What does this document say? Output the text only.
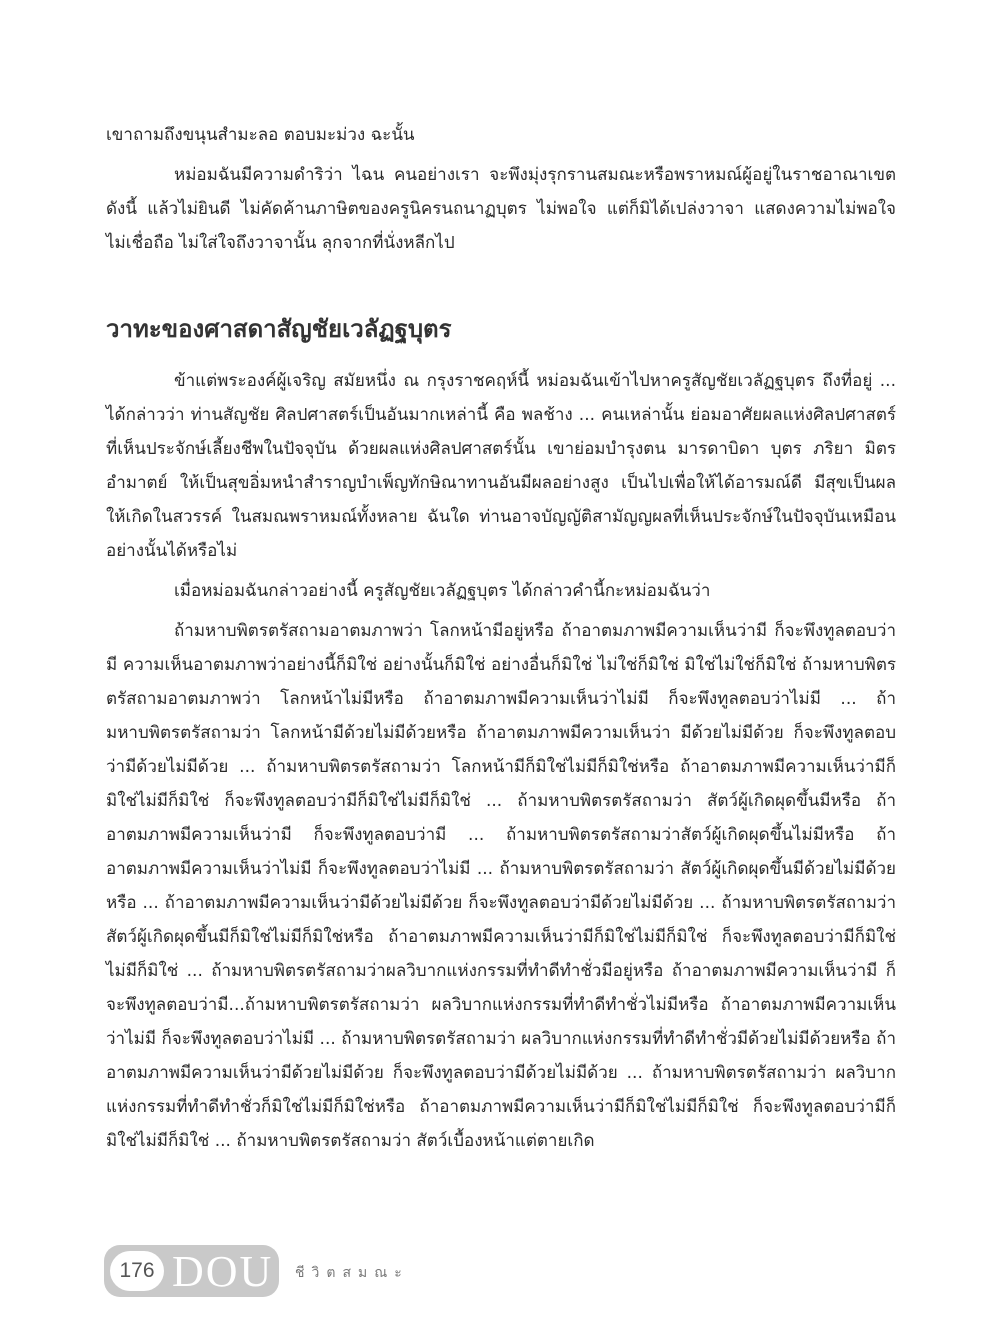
เขาถามถึงขนุนสำมะลอ ตอบมะม่วง ฉะนั้น

หม่อมฉันมีความดำริว่า ไฉน คนอย่างเรา จะพึงมุ่งรุกรานสมณะหรือพราหมณ์ผู้อยู่ในราชอาณาเขต ดังนี้ แล้วไม่ยินดี ไม่คัดค้านภาษิตของครูนิครนถนาฏบุตร ไม่พอใจ แต่ก็มิได้เปล่งวาจา แสดงความไม่พอใจ ไม่เชื่อถือ ไม่ใส่ใจถึงวาจานั้น ลุกจากที่นั่งหลีกไป

วาทะของศาสดาสัญชัยเวลัฏฐบุตร

ข้าแต่พระองค์ผู้เจริญ สมัยหนึ่ง ณ กรุงราชคฤห์นี้ หม่อมฉันเข้าไปหาครูสัญชัยเวลัฏฐบุตร ถึงที่อยู่ ... ได้กล่าวว่า ท่านสัญชัย ศิลปศาสตร์เป็นอันมากเหล่านี้ คือ พลช้าง ... คนเหล่านั้น ย่อมอาศัยผลแห่งศิลปศาสตร์ที่เห็นประจักษ์เลี้ยงชีพในปัจจุบัน ด้วยผลแห่งศิลปศาสตร์นั้น เขาย่อมบำรุงตน มารดาบิดา บุตร ภริยา มิตร อำมาตย์ ให้เป็นสุขอิ่มหนำสำราญบำเพ็ญทักษิณาทานอันมีผลอย่างสูง เป็นไปเพื่อให้ได้อารมณ์ดี มีสุขเป็นผล ให้เกิดในสวรรค์ ในสมณพราหมณ์ทั้งหลาย ฉันใด ท่านอาจบัญญัติสามัญญผลที่เห็นประจักษ์ในปัจจุบันเหมือนอย่างนั้นได้หรือไม่

เมื่อหม่อมฉันกล่าวอย่างนี้ ครูสัญชัยเวลัฏฐบุตร ได้กล่าวคำนี้กะหม่อมฉันว่า

ถ้ามหาบพิตรตรัสถามอาตมภาพว่า โลกหน้ามีอยู่หรือ ถ้าอาตมภาพมีความเห็นว่ามี ก็จะพึงทูลตอบว่ามี ความเห็นอาตมภาพว่าอย่างนี้ก็มิใช่ อย่างนั้นก็มิใช่ อย่างอื่นก็มิใช่ ไม่ใช่ก็มิใช่ มิใช่ไม่ใช่ก็มิใช่ ถ้ามหาบพิตรตรัสถามอาตมภาพว่า โลกหน้าไม่มีหรือ ถ้าอาตมภาพมีความเห็นว่าไม่มี ก็จะพึงทูลตอบว่าไม่มี ... ถ้ามหาบพิตรตรัสถามว่า โลกหน้ามีด้วยไม่มีด้วยหรือ ถ้าอาตมภาพมีความเห็นว่า มีด้วยไม่มีด้วย ก็จะพึงทูลตอบว่ามีด้วยไม่มีด้วย ... ถ้ามหาบพิตรตรัสถามว่า โลกหน้ามีก็มิใช่ไม่มีก็มิใช่หรือ ถ้าอาตมภาพมีความเห็นว่ามีก็มิใช่ไม่มีก็มิใช่ ก็จะพึงทูลตอบว่ามีก็มิใช่ไม่มีก็มิใช่ ... ถ้ามหาบพิตรตรัสถามว่า สัตว์ผู้เกิดผุดขึ้นมีหรือ ถ้าอาตมภาพมีความเห็นว่ามี ก็จะพึงทูลตอบว่ามี ... ถ้ามหาบพิตรตรัสถามว่าสัตว์ผู้เกิดผุดขึ้นไม่มีหรือ ถ้าอาตมภาพมีความเห็นว่าไม่มี ก็จะพึงทูลตอบว่าไม่มี ... ถ้ามหาบพิตรตรัสถามว่า สัตว์ผู้เกิดผุดขึ้นมีด้วยไม่มีด้วยหรือ ... ถ้าอาตมภาพมีความเห็นว่ามีด้วยไม่มีด้วย ก็จะพึงทูลตอบว่ามีด้วยไม่มีด้วย ... ถ้ามหาบพิตรตรัสถามว่า สัตว์ผู้เกิดผุดขึ้นมีก็มิใช่ไม่มีก็มิใช่หรือ ถ้าอาตมภาพมีความเห็นว่ามีก็มิใช่ไม่มีก็มิใช่ ก็จะพึงทูลตอบว่ามีก็มิใช่ไม่มีก็มิใช่ ... ถ้ามหาบพิตรตรัสถามว่าผลวิบากแห่งกรรมที่ทำดีทำชั่วมีอยู่หรือ ถ้าอาตมภาพมีความเห็นว่ามี ก็จะพึงทูลตอบว่ามี...ถ้ามหาบพิตรตรัสถามว่า ผลวิบากแห่งกรรมที่ทำดีทำชั่วไม่มีหรือ ถ้าอาตมภาพมีความเห็นว่าไม่มี ก็จะพึงทูลตอบว่าไม่มี ... ถ้ามหาบพิตรตรัสถามว่า ผลวิบากแห่งกรรมที่ทำดีทำชั่วมีด้วยไม่มีด้วยหรือ ถ้าอาตมภาพมีความเห็นว่ามีด้วยไม่มีด้วย ก็จะพึงทูลตอบว่ามีด้วยไม่มีด้วย ... ถ้ามหาบพิตรตรัสถามว่า ผลวิบากแห่งกรรมที่ทำดีทำชั่วก็มิใช่ไม่มีก็มิใช่หรือ ถ้าอาตมภาพมีความเห็นว่ามีก็มิใช่ไม่มีก็มิใช่ ก็จะพึงทูลตอบว่ามีก็มิใช่ไม่มีก็มิใช่ ... ถ้ามหาบพิตรตรัสถามว่า สัตว์เบื้องหน้าแต่ตายเกิด

176 DOU ชีวิตสมณะ
